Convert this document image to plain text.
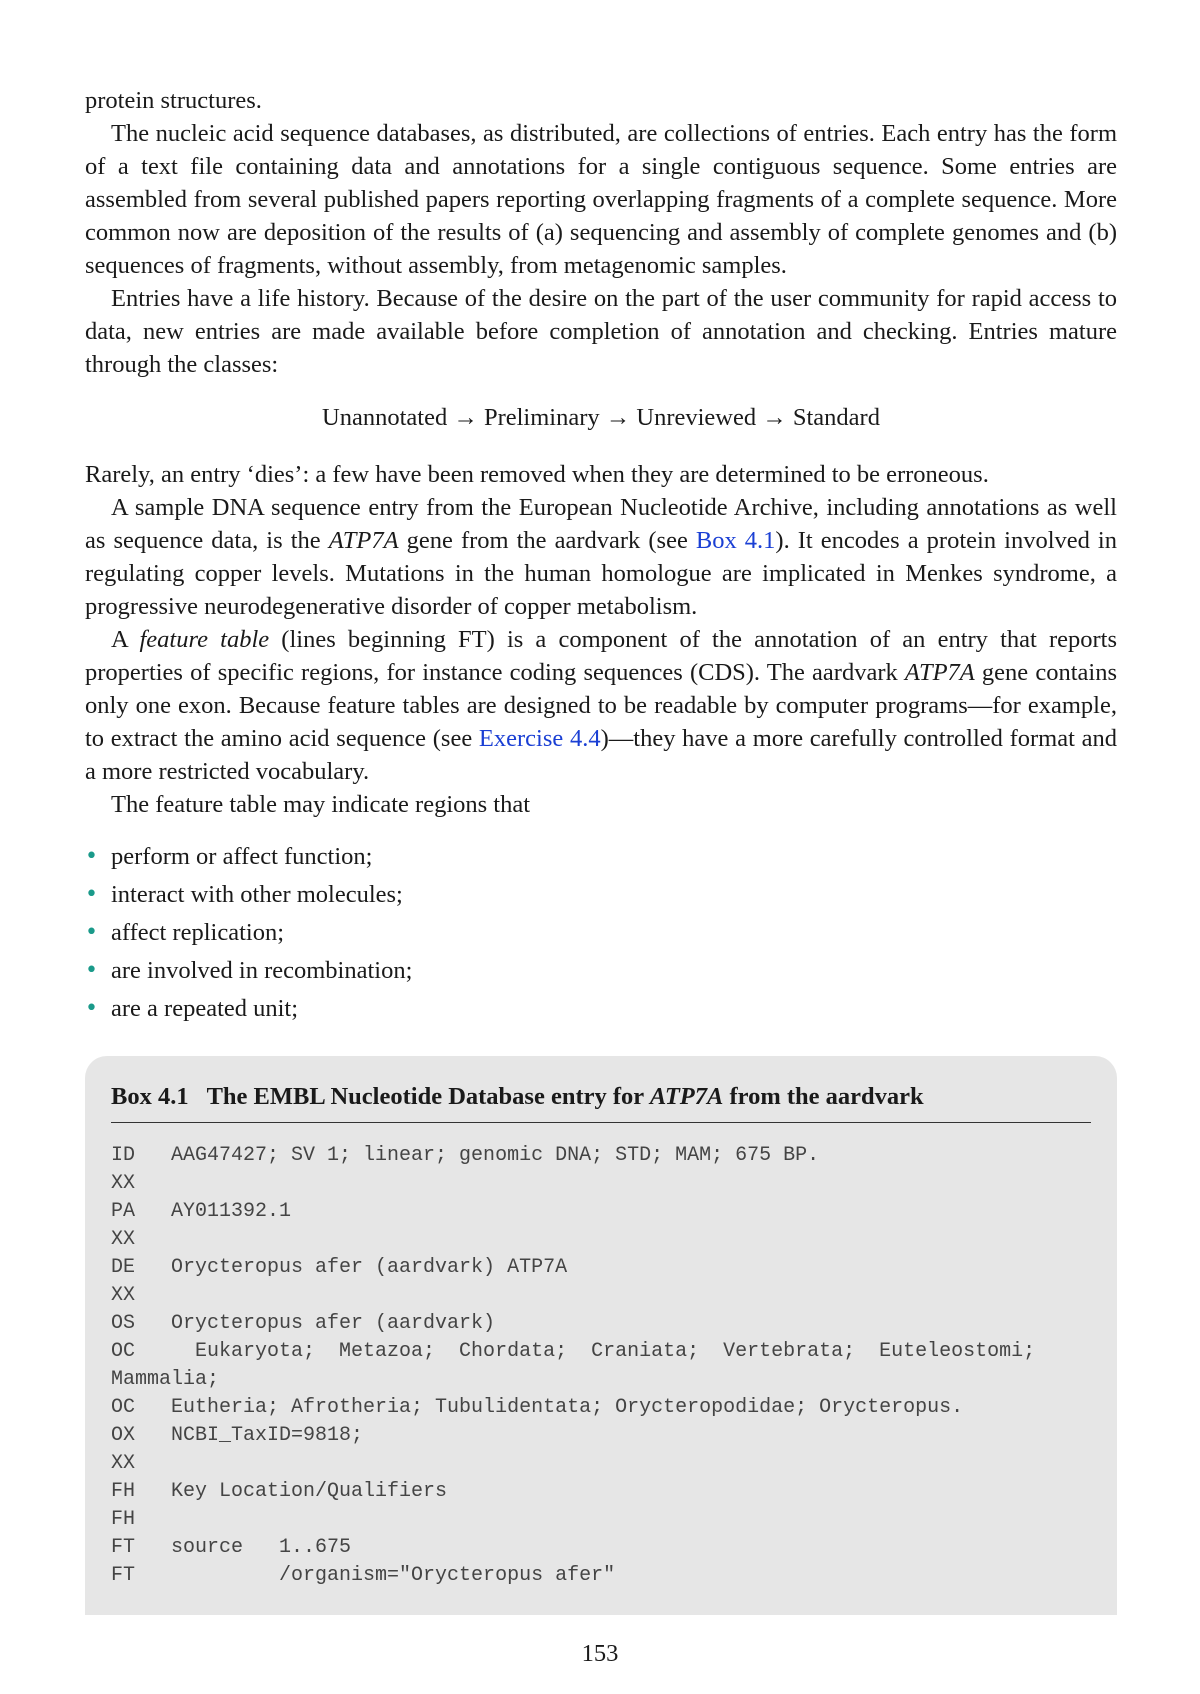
protein structures.

The nucleic acid sequence databases, as distributed, are collections of entries. Each entry has the form of a text file containing data and annotations for a single contiguous sequence. Some entries are assembled from several published papers reporting overlapping fragments of a complete sequence. More common now are deposition of the results of (a) sequencing and assembly of complete genomes and (b) sequences of fragments, without assembly, from metagenomic samples.

Entries have a life history. Because of the desire on the part of the user community for rapid access to data, new entries are made available before completion of annotation and checking. Entries mature through the classes:

Unannotated → Preliminary → Unreviewed → Standard

Rarely, an entry ‘dies’: a few have been removed when they are determined to be erroneous.

A sample DNA sequence entry from the European Nucleotide Archive, including annotations as well as sequence data, is the ATP7A gene from the aardvark (see Box 4.1). It encodes a protein involved in regulating copper levels. Mutations in the human homologue are implicated in Menkes syndrome, a progressive neurodegenerative disorder of copper metabolism.

A feature table (lines beginning FT) is a component of the annotation of an entry that reports properties of specific regions, for instance coding sequences (CDS). The aardvark ATP7A gene contains only one exon. Because feature tables are designed to be readable by computer programs—for example, to extract the amino acid sequence (see Exercise 4.4)—they have a more carefully controlled format and a more restricted vocabulary.

The feature table may indicate regions that

• perform or affect function;
• interact with other molecules;
• affect replication;
• are involved in recombination;
• are a repeated unit;
Box 4.1 The EMBL Nucleotide Database entry for ATP7A from the aardvark
ID   AAG47427; SV 1; linear; genomic DNA; STD; MAM; 675 BP.
XX
PA   AY011392.1
XX
DE   Orycteropus afer (aardvark) ATP7A
XX
OS   Orycteropus afer (aardvark)
OC     Eukaryota;  Metazoa;  Chordata;  Craniata;  Vertebrata;  Euteleostomi;
Mammalia;
OC   Eutheria; Afrotheria; Tubulidentata; Orycteropodidae; Orycteropus.
OX   NCBI_TaxID=9818;
XX
FH   Key Location/Qualifiers
FH
FT   source   1..675
FT            /organism="Orycteropus afer"
153
